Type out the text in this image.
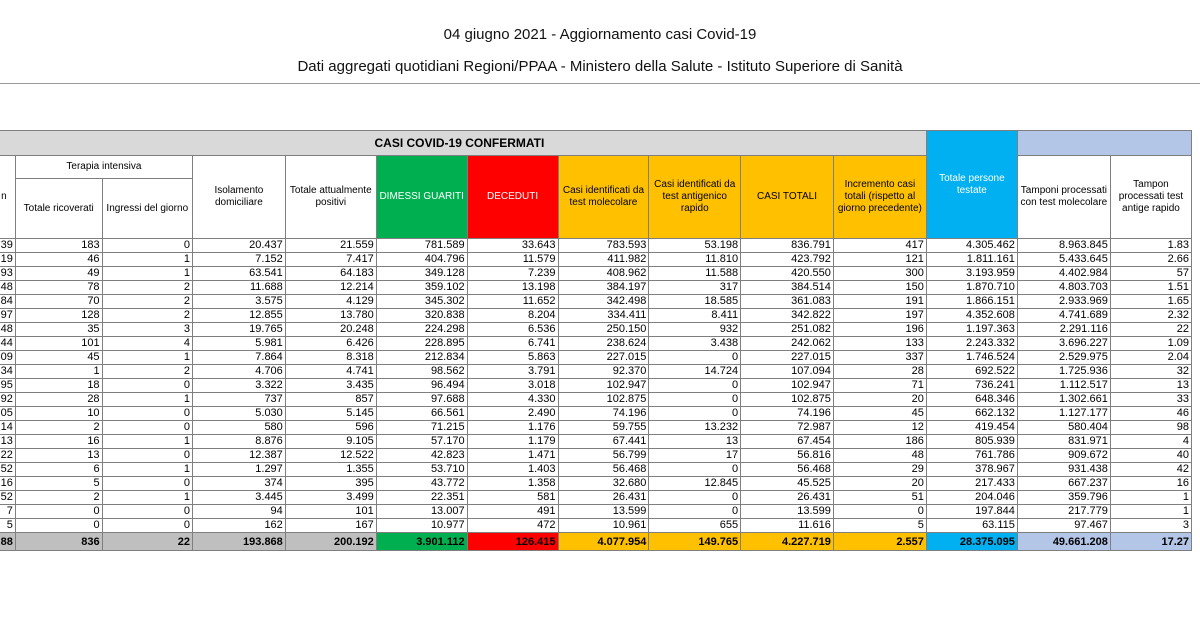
04 giugno 2021 - Aggiornamento casi Covid-19
Dati aggregati quotidiani Regioni/PPAA - Ministero della Salute - Istituto Superiore di Sanità
CASI COVID-19 CONFERMATI											Totale persone testate		
n	Terapia intensiva		Isolamento domiciliare	Totale attualmente positivi	DIMESSI GUARITI	DECEDUTI	Casi identificati da test molecolare	Casi identificati da test antigenico rapido	CASI TOTALI	Incremento casi totali (rispetto al giorno precedente)		Tamponi processati con test molecolare	Tampon processati test antige rapido
	Totale ricoverati	Ingressi del giorno											
39	183	0	20.437	21.559	781.589	33.643	783.593	53.198	836.791	417	4.305.462	8.963.845	1.83
19	46	1	7.152	7.417	404.796	11.579	411.982	11.810	423.792	121	1.811.161	5.433.645	2.66
93	49	1	63.541	64.183	349.128	7.239	408.962	11.588	420.550	300	3.193.959	4.402.984	57
48	78	2	11.688	12.214	359.102	13.198	384.197	317	384.514	150	1.870.710	4.803.703	1.51
84	70	2	3.575	4.129	345.302	11.652	342.498	18.585	361.083	191	1.866.151	2.933.969	1.65
97	128	2	12.855	13.780	320.838	8.204	334.411	8.411	342.822	197	4.352.608	4.741.689	2.32
48	35	3	19.765	20.248	224.298	6.536	250.150	932	251.082	196	1.197.363	2.291.116	22
44	101	4	5.981	6.426	228.895	6.741	238.624	3.438	242.062	133	2.243.332	3.696.227	1.09
09	45	1	7.864	8.318	212.834	5.863	227.015	0	227.015	337	1.746.524	2.529.975	2.04
34	1	2	4.706	4.741	98.562	3.791	92.370	14.724	107.094	28	692.522	1.725.936	32
95	18	0	3.322	3.435	96.494	3.018	102.947	0	102.947	71	736.241	1.112.517	13
92	28	1	737	857	97.688	4.330	102.875	0	102.875	20	648.346	1.302.661	33
05	10	0	5.030	5.145	66.561	2.490	74.196	0	74.196	45	662.132	1.127.177	46
14	2	0	580	596	71.215	1.176	59.755	13.232	72.987	12	419.454	580.404	98
13	16	1	8.876	9.105	57.170	1.179	67.441	13	67.454	186	805.939	831.971	4
22	13	0	12.387	12.522	42.823	1.471	56.799	17	56.816	48	761.786	909.672	40
52	6	1	1.297	1.355	53.710	1.403	56.468	0	56.468	29	378.967	931.438	42
16	5	0	374	395	43.772	1.358	32.680	12.845	45.525	20	217.433	667.237	16
52	2	1	3.445	3.499	22.351	581	26.431	0	26.431	51	204.046	359.796	1
7	0	0	94	101	13.007	491	13.599	0	13.599	0	197.844	217.779	1
5	0	0	162	167	10.977	472	10.961	655	11.616	5	63.115	97.467	3
88	836	22	193.868	200.192	3.901.112	126.415	4.077.954	149.765	4.227.719	2.557	28.375.095	49.661.208	17.27
